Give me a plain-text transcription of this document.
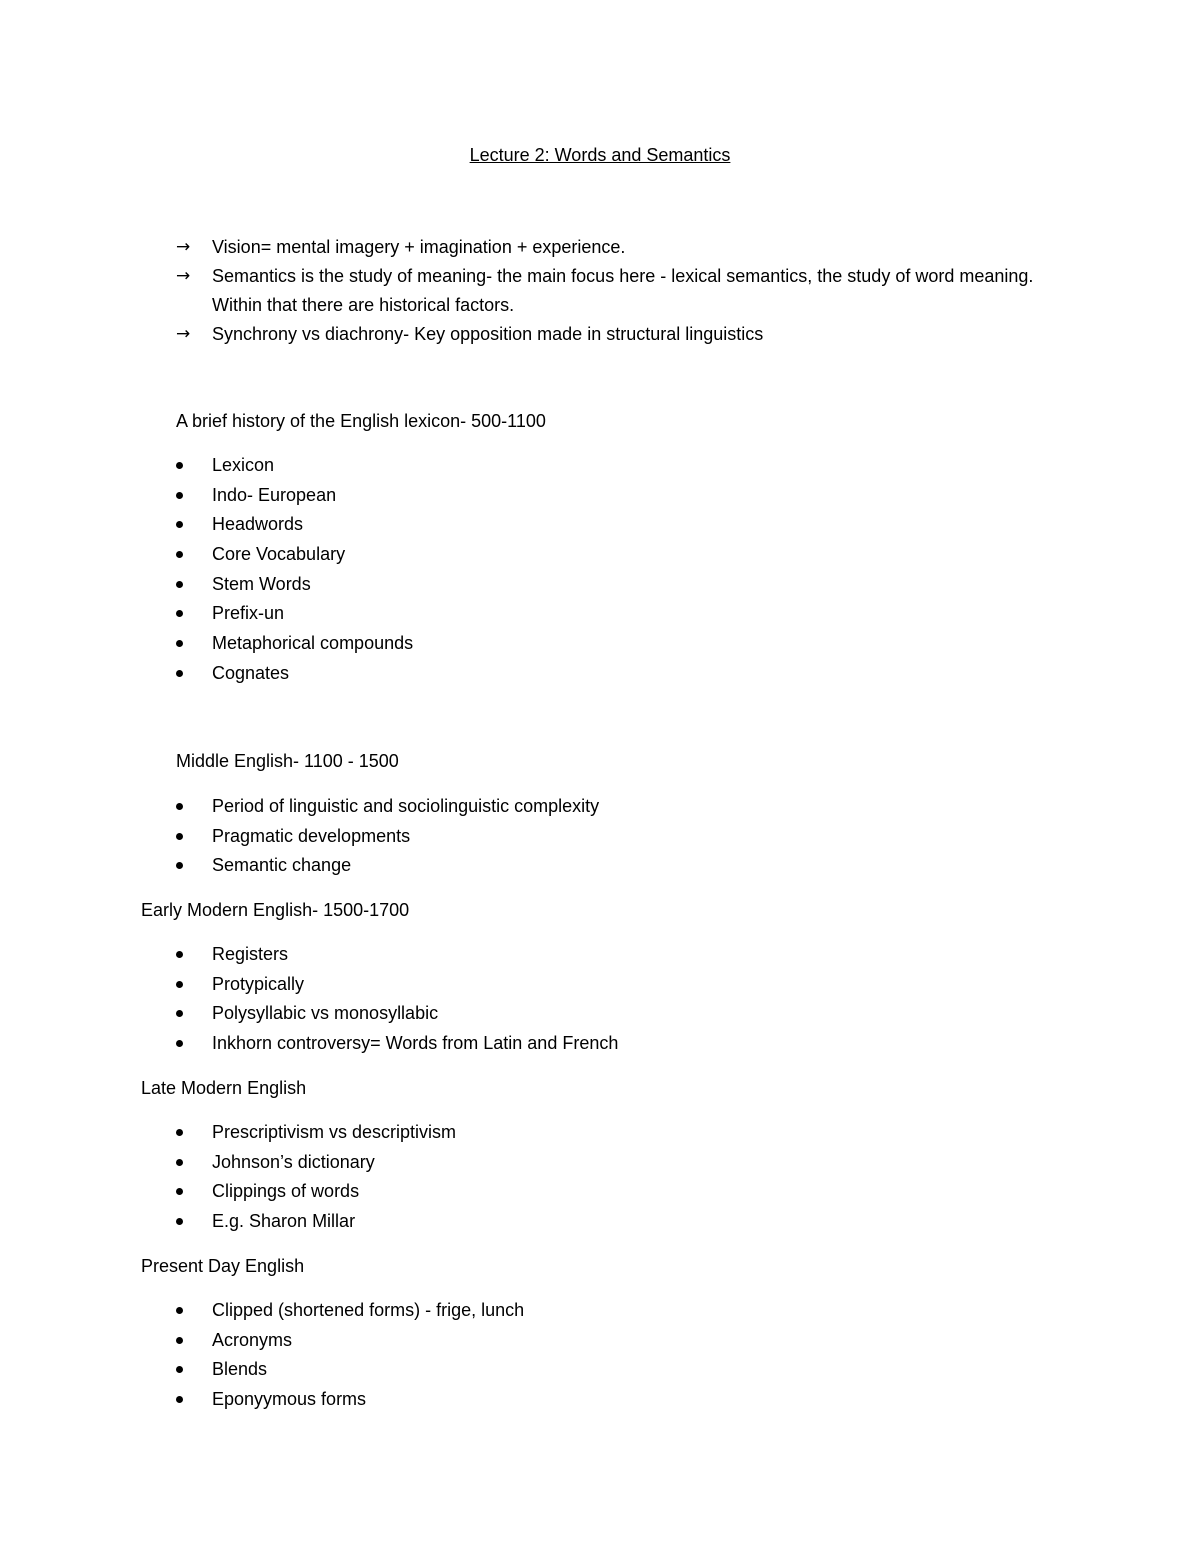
Lecture 2: Words and Semantics
→ Vision= mental imagery + imagination + experience.
→ Semantics is the study of meaning- the main focus here - lexical semantics, the study of word meaning. Within that there are historical factors.
→ Synchrony vs diachrony- Key opposition made in structural linguistics
A brief history of the English lexicon- 500-1100
Lexicon
Indo- European
Headwords
Core Vocabulary
Stem Words
Prefix-un
Metaphorical compounds
Cognates
Middle English- 1100 - 1500
Period of linguistic and sociolinguistic complexity
Pragmatic developments
Semantic change
Early Modern English- 1500-1700
Registers
Protypically
Polysyllabic vs monosyllabic
Inkhorn controversy= Words from Latin and French
Late Modern English
Prescriptivism vs descriptivism
Johnson’s dictionary
Clippings of words
E.g. Sharon Millar
Present Day English
Clipped (shortened forms) - frige, lunch
Acronyms
Blends
Eponyymous forms
